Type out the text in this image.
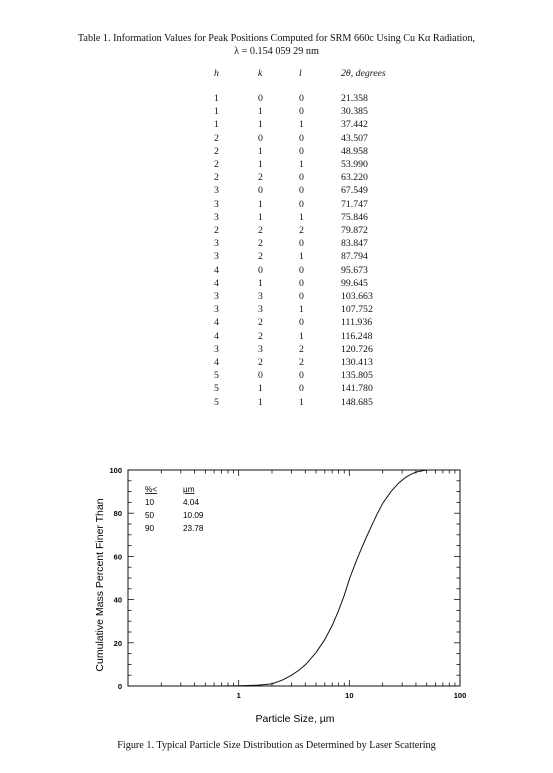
Table 1. Information Values for Peak Positions Computed for SRM 660c Using Cu Kα Radiation,
λ = 0.154 059 29 nm
h	k	l	2θ, degrees

1	0	0	21.358
1	1	0	30.385
1	1	1	37.442
2	0	0	43.507
2	1	0	48.958
2	1	1	53.990
2	2	0	63.220
3	0	0	67.549
3	1	0	71.747
3	1	1	75.846
2	2	2	79.872
3	2	0	83.847
3	2	1	87.794
4	0	0	95.673
4	1	0	99.645
3	3	0	103.663
3	3	1	107.752
4	2	0	111.936
4	2	1	116.248
3	3	2	120.726
4	2	2	130.413
5	0	0	135.805
5	1	0	141.780
5	1	1	148.685
1	10	100
0
20
40
60
80
100
Particle Size, µm
Cumulative Mass Percent Finer Than
%<	µm
10	4.04
50	10.09
90	23.78
Figure 1. Typical Particle Size Distribution as Determined by Laser Scattering
